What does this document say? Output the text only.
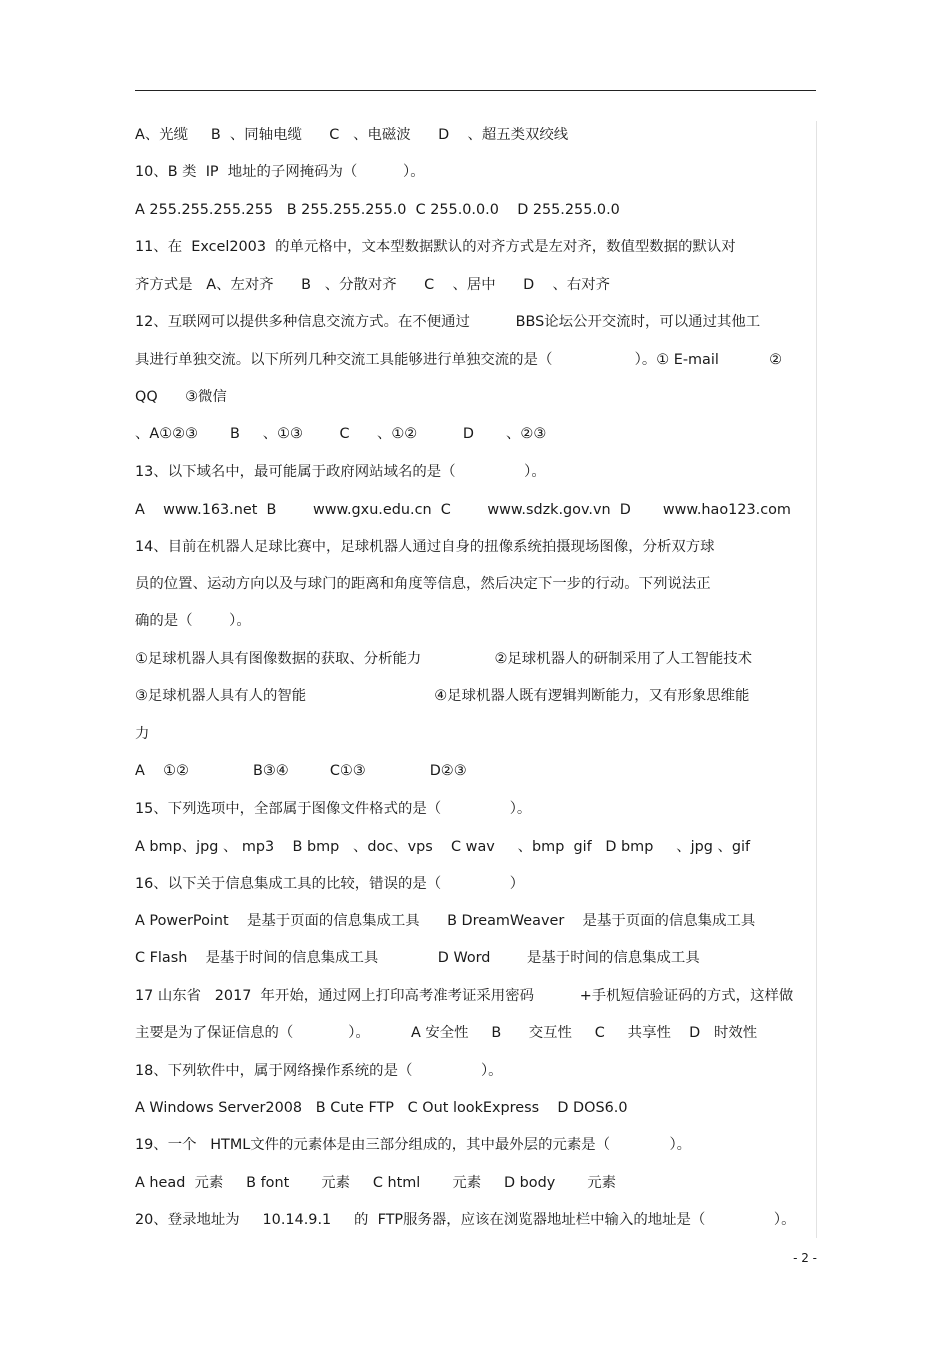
A、光缆     B  、同轴电缆      C   、电磁波      D    、超五类双绞线
10、B 类  IP  地址的子网掩码为（          ）。
A 255.255.255.255   B 255.255.255.0  C 255.0.0.0    D 255.255.0.0
11、在  Excel2003  的单元格中，文本型数据默认的对齐方式是左对齐，数值型数据的默认对
齐方式是   A、左对齐      B   、分散对齐      C    、居中      D    、右对齐
12、互联网可以提供多种信息交流方式。在不便通过          BBS论坛公开交流时，可以通过其他工
具进行单独交流。以下所列几种交流工具能够进行单独交流的是（                  ）。① E-mail           ②
QQ      ③微信
、A①②③       B     、①③        C      、①②          D       、②③
13、以下域名中，最可能属于政府网站域名的是（               ）。
A    www.163.net  B        www.gxu.edu.cn  C        www.sdzk.gov.vn  D       www.hao123.com
14、目前在机器人足球比赛中，足球机器人通过自身的扭像系统拍摄现场图像，分析双方球
员的位置、运动方向以及与球门的距离和角度等信息，然后决定下一步的行动。下列说法正
确的是（        ）。
①足球机器人具有图像数据的获取、分析能力                ②足球机器人的研制采用了人工智能技术
③足球机器人具有人的智能                            ④足球机器人既有逻辑判断能力，又有形象思维能
力
A    ①②              B③④         C①③              D②③
15、下列选项中，全部属于图像文件格式的是（               ）。
A bmp、jpg 、 mp3    B bmp   、doc、vps    C wav     、bmp  gif   D bmp     、jpg 、gif
16、以下关于信息集成工具的比较，错误的是（               ）
A PowerPoint    是基于页面的信息集成工具      B DreamWeaver    是基于页面的信息集成工具
C Flash    是基于时间的信息集成工具             D Word        是基于时间的信息集成工具
17 山东省   2017  年开始，通过网上打印高考准考证采用密码          +手机短信验证码的方式，这样做
主要是为了保证信息的（            ）。         A 安全性     B      交互性     C     共享性    D   时效性
18、下列软件中，属于网络操作系统的是（               ）。
A Windows Server2008   B Cute FTP   C Out lookExpress    D DOS6.0
19、一个   HTML文件的元素体是由三部分组成的，其中最外层的元素是（             ）。
A head  元素     B font       元素     C html       元素     D body       元素
20、登录地址为     10.14.9.1     的  FTP服务器，应该在浏览器地址栏中输入的地址是（               ）。
- 2 -
